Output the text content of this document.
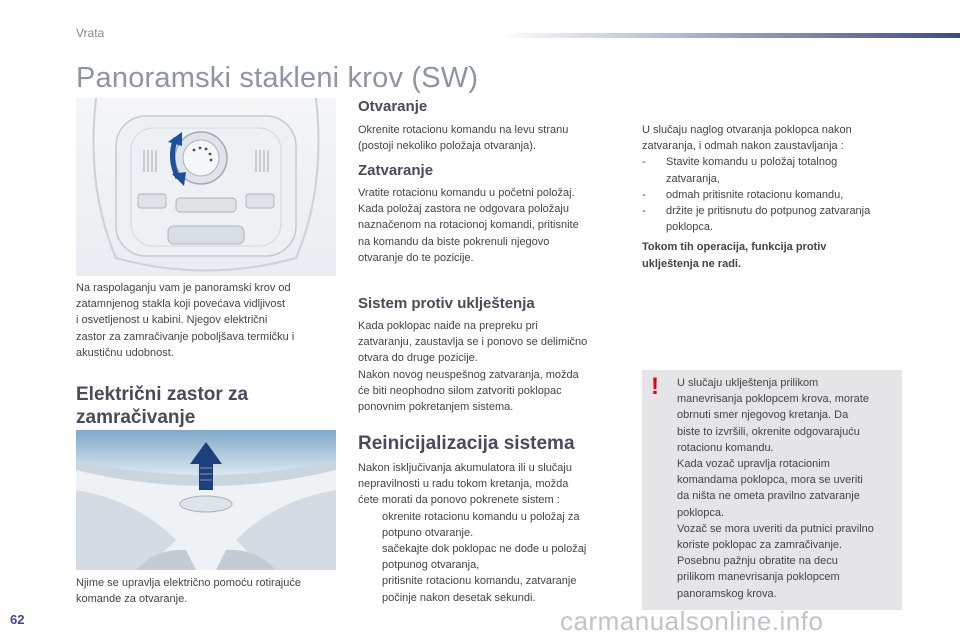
Vrata
Panoramski stakleni krov (SW)

Na raspolaganju vam je panoramski krov od

zatamnjenog stakla koji povećava vidljivost

i osvetljenost u kabini. Njegov električni

zastor za zamračivanje poboljšava termičku i

akustičnu udobnost.

Električni zastor za
zamračivanje

Njime se upravlja električno pomoću rotirajuće

komande za otvaranje.

Otvaranje

Okrenite rotacionu komandu na levu stranu

(postoji nekoliko položaja otvaranja).

Zatvaranje

Vratite rotacionu komandu u početni položaj.

Kada položaj zastora ne odgovara položaju

naznačenom na rotacionoj komandi, pritisnite

na komandu da biste pokrenuli njegovo

otvaranje do te pozicije.

Sistem protiv uklještenja

Kada poklopac naiđe na prepreku pri

zatvaranju, zaustavlja se i ponovo se delimično

otvara do druge pozicije.

Nakon novog neuspešnog zatvaranja, možda

će biti neophodno silom zatvoriti poklopac

ponovnim pokretanjem sistema.

Reinicijalizacija sistema

Nakon isključivanja akumulatora ili u slučaju

nepravilnosti u radu tokom kretanja, možda

ćete morati da ponovo pokrenete sistem :

okrenite rotacionu komandu u položaj za
potpuno otvaranje.
sačekajte dok poklopac ne dođe u položaj
potpunog otvaranja,
pritisnite rotacionu komandu, zatvaranje
počinje nakon desetak sekundi.

U slučaju naglog otvaranja poklopca nakon

zatvaranja, i odmah nakon zaustavljanja :

- Stavite komandu u položaj totalnog
zatvaranja,
- odmah pritisnite rotacionu komandu,
- držite je pritisnutu do potpunog zatvaranja
poklopca.

Tokom tih operacija, funkcija protiv
uklještenja ne radi.

!	U slučaju uklještenja prilikom

manevrisanja poklopcem krova, morate

obrnuti smer njegovog kretanja. Da

biste to izvršili, okrenite odgovarajuću

rotacionu komandu.

Kada vozač upravlja rotacionim

komandama poklopca, mora se uveriti

da ništa ne ometa pravilno zatvaranje

poklopca.

Vozač se mora uveriti da putnici pravilno

koriste poklopac za zamračivanje.

Posebnu pažnju obratite na decu

prilikom manevrisanja poklopcem

panoramskog krova.

62	carmanualsonline.info
